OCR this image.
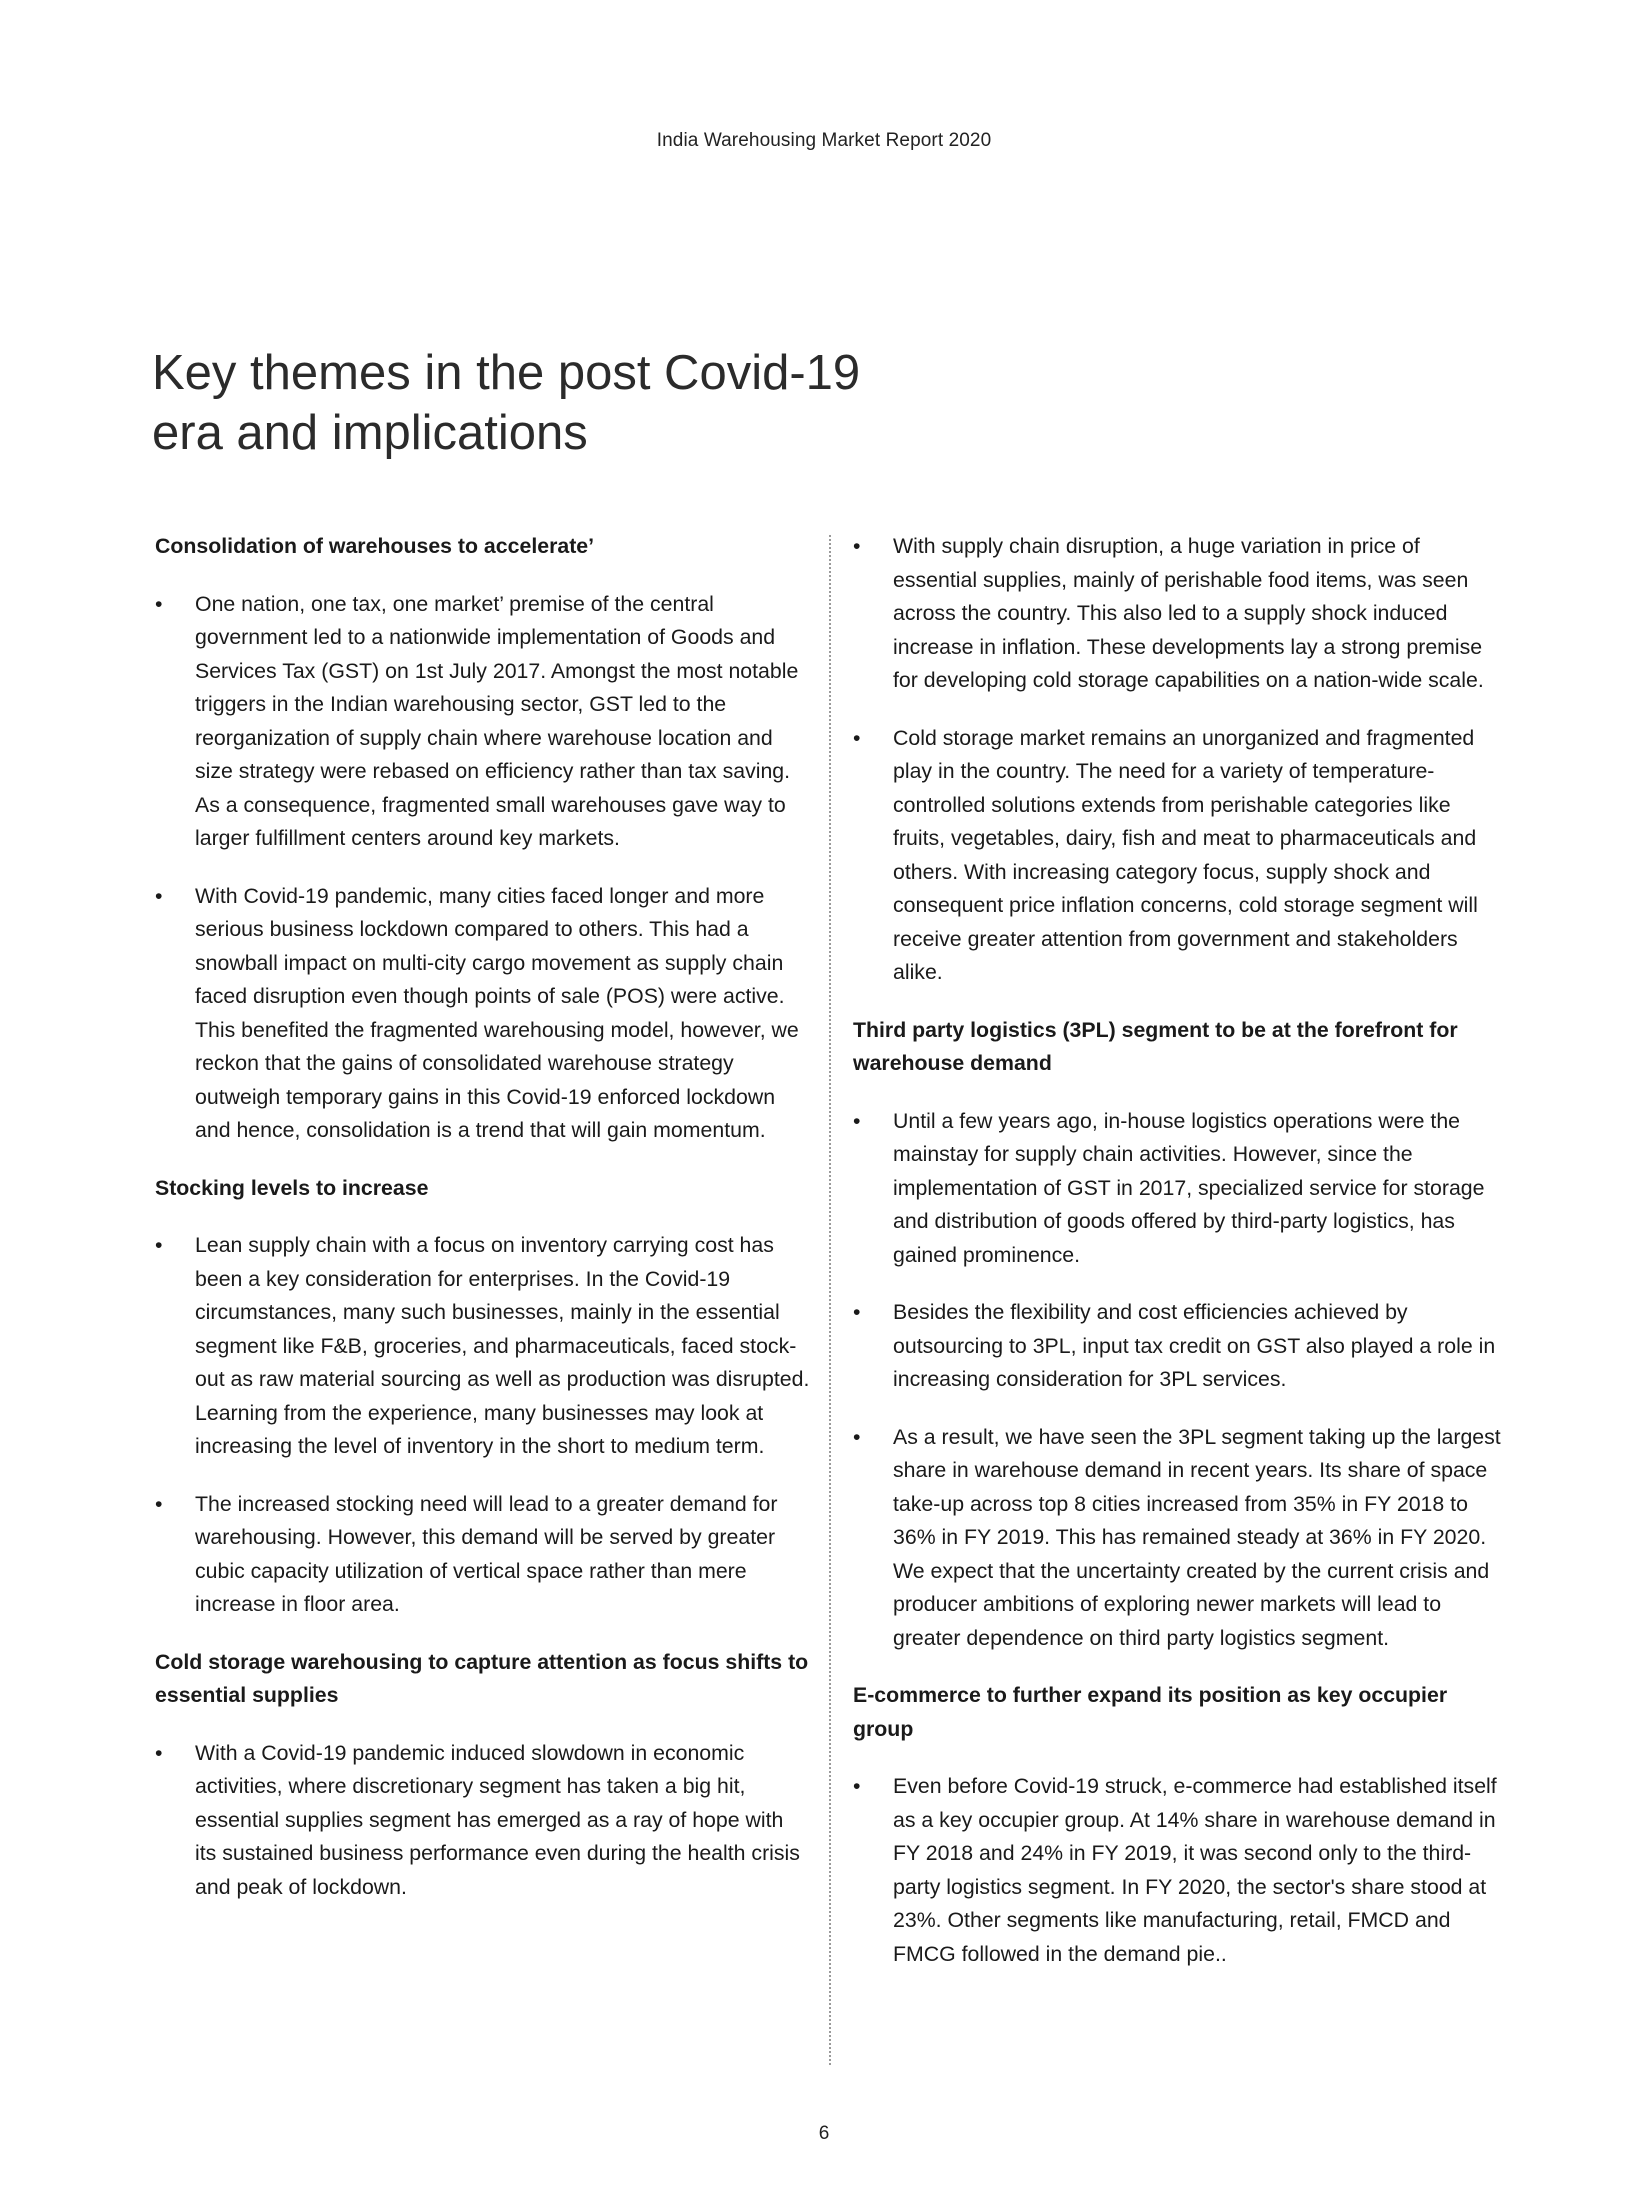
India Warehousing Market Report 2020
Key themes in the post Covid-19
era and implications
Consolidation of warehouses to accelerate’
• One nation, one tax, one market’ premise of the central government led to a nationwide implementation of Goods and Services Tax (GST) on 1st July 2017. Amongst the most notable triggers in the Indian warehousing sector, GST led to the reorganization of supply chain where warehouse location and size strategy were rebased on efficiency rather than tax saving. As a consequence, fragmented small warehouses gave way to larger fulfillment centers around key markets.
• With Covid-19 pandemic, many cities faced longer and more serious business lockdown compared to others. This had a snowball impact on multi-city cargo movement as supply chain faced disruption even though points of sale (POS) were active. This benefited the fragmented warehousing model, however, we reckon that the gains of consolidated warehouse strategy outweigh temporary gains in this Covid-19 enforced lockdown and hence, consolidation is a trend that will gain momentum.
Stocking levels to increase
• Lean supply chain with a focus on inventory carrying cost has been a key consideration for enterprises. In the Covid-19 circumstances, many such businesses, mainly in the essential segment like F&B, groceries, and pharmaceuticals, faced stock-out as raw material sourcing as well as production was disrupted. Learning from the experience, many businesses may look at increasing the level of inventory in the short to medium term.
• The increased stocking need will lead to a greater demand for warehousing. However, this demand will be served by greater cubic capacity utilization of vertical space rather than mere increase in floor area.
Cold storage warehousing to capture attention as focus shifts to essential supplies
• With a Covid-19 pandemic induced slowdown in economic activities, where discretionary segment has taken a big hit, essential supplies segment has emerged as a ray of hope with its sustained business performance even during the health crisis and peak of lockdown.
• With supply chain disruption, a huge variation in price of essential supplies, mainly of perishable food items, was seen across the country. This also led to a supply shock induced increase in inflation. These developments lay a strong premise for developing cold storage capabilities on a nation-wide scale.
• Cold storage market remains an unorganized and fragmented play in the country. The need for a variety of temperature-controlled solutions extends from perishable categories like fruits, vegetables, dairy, fish and meat to pharmaceuticals and others. With increasing category focus, supply shock and consequent price inflation concerns, cold storage segment will receive greater attention from government and stakeholders alike.
Third party logistics (3PL) segment to be at the forefront for warehouse demand
• Until a few years ago, in-house logistics operations were the mainstay for supply chain activities. However, since the implementation of GST in 2017, specialized service for storage and distribution of goods offered by third-party logistics, has gained prominence.
• Besides the flexibility and cost efficiencies achieved by outsourcing to 3PL, input tax credit on GST also played a role in increasing consideration for 3PL services.
• As a result, we have seen the 3PL segment taking up the largest share in warehouse demand in recent years. Its share of space take-up across top 8 cities increased from 35% in FY 2018 to 36% in FY 2019. This has remained steady at 36% in FY 2020. We expect that the uncertainty created by the current crisis and producer ambitions of exploring newer markets will lead to greater dependence on third party logistics segment.
E-commerce to further expand its position as key occupier group
• Even before Covid-19 struck, e-commerce had established itself as a key occupier group. At 14% share in warehouse demand in FY 2018 and 24% in FY 2019, it was second only to the third-party logistics segment. In FY 2020, the sector's share stood at 23%. Other segments like manufacturing, retail, FMCD and FMCG followed in the demand pie..
6
